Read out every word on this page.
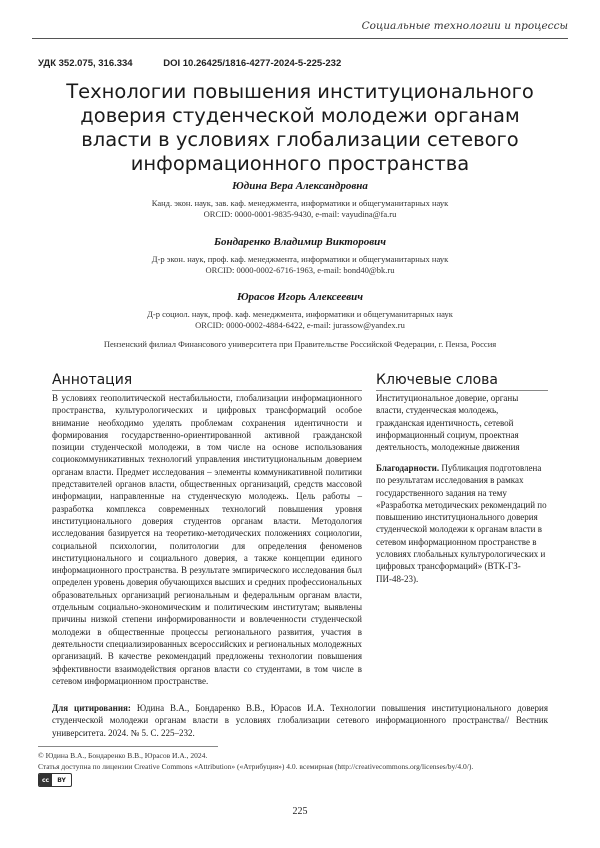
Социальные технологии и процессы
УДК 352.075, 316.334	DOI 10.26425/1816-4277-2024-5-225-232
Технологии повышения институционального доверия студенческой молодежи органам власти в условиях глобализации сетевого информационного пространства
Юдина Вера Александровна
Канд. экон. наук, зав. каф. менеджмента, информатики и общегуманитарных наук
ORCID: 0000-0001-9835-9430, e-mail: vayudina@fa.ru
Бондаренко Владимир Викторович
Д-р экон. наук, проф. каф. менеджмента, информатики и общегуманитарных наук
ORCID: 0000-0002-6716-1963, e-mail: bond40@bk.ru
Юрасов Игорь Алексеевич
Д-р социол. наук, проф. каф. менеджмента, информатики и общегуманитарных наук
ORCID: 0000-0002-4884-6422, e-mail: jurassow@yandex.ru
Пензенский филиал Финансового университета при Правительстве Российской Федерации, г. Пенза, Россия
Аннотация

В условиях геополитической нестабильности, глобализации информационного пространства, культурологических и цифровых трансформаций особое внимание необходимо уделять проблемам сохранения идентичности и формирования государственно-ориентированной активной гражданской позиции студенческой молодежи, в том числе на основе использования социокоммуникативных технологий управления институциональным доверием органам власти. Предмет исследования – элементы коммуникативной политики представителей органов власти, общественных организаций, средств массовой информации, направленные на студенческую молодежь. Цель работы – разработка комплекса современных технологий повышения уровня институционального доверия студентов органам власти. Методология исследования базируется на теоретико-методических положениях социологии, социальной психологии, политологии для определения феноменов институционального и социального доверия, а также концепции единого информационного пространства. В результате эмпирического исследования был определен уровень доверия обучающихся высших и средних профессиональных образовательных организаций региональным и федеральным органам власти, отдельным социально-экономическим и политическим институтам; выявлены причины низкой степени информированности и вовлеченности студенческой молодежи в общественные процессы регионального развития, участия в деятельности специализированных всероссийских и региональных молодежных организаций. В качестве рекомендаций предложены технологии повышения эффективности взаимодействия органов власти со студентами, в том числе в сетевом информационном пространстве.

Ключевые слова

Институциональное доверие, органы власти, студенческая молодежь, гражданская идентичность, сетевой информационный социум, проектная деятельность, молодежные движения

Благодарности. Публикация подготовлена по результатам исследования в рамках государственного задания на тему «Разработка методических рекомендаций по повышению институционального доверия студенческой молодежи к органам власти в сетевом информационном пространстве в условиях глобальных культурологических и цифровых трансформаций» (ВТК-ГЗ-ПИ-48-23).

Для цитирования: Юдина В.А., Бондаренко В.В., Юрасов И.А. Технологии повышения институционального доверия студенческой молодежи органам власти в условиях глобализации сетевого информационного пространства// Вестник университета. 2024. № 5. С. 225–232.

© Юдина В.А., Бондаренко В.В., Юрасов И.А., 2024.
Статья доступна по лицензии Creative Commons «Attribution» («Атрибуция») 4.0. всемирная (http://creativecommons.org/licenses/by/4.0/).
cc	BY
225
